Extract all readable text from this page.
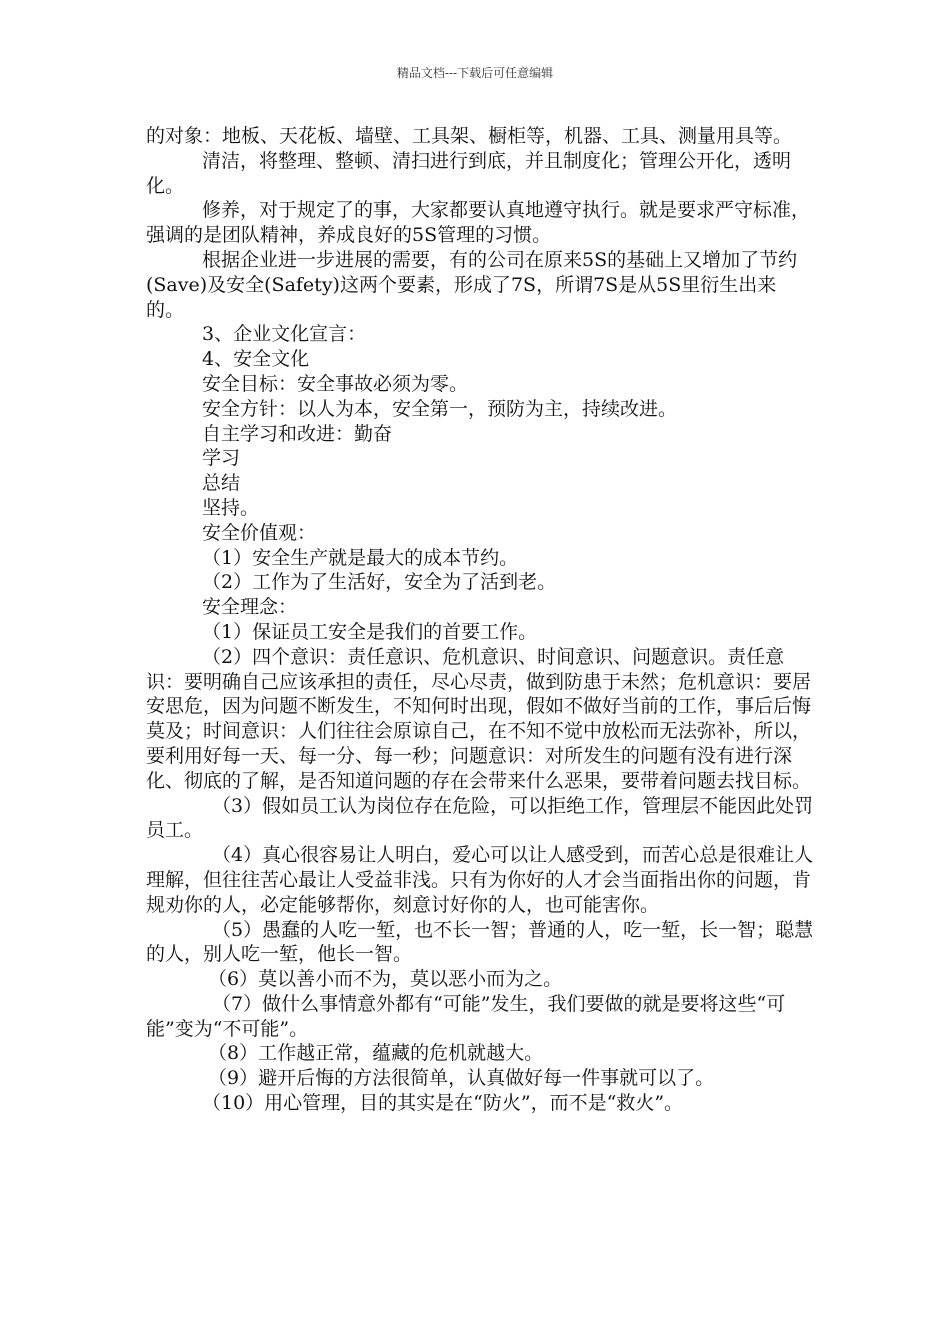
精品文档---下载后可任意编辑

的对象：地板、天花板、墙壁、工具架、橱柜等，机器、工具、测量用具等。

清洁，将整理、整顿、清扫进行到底，并且制度化；管理公开化，透明化。

修养，对于规定了的事，大家都要认真地遵守执行。就是要求严守标准，强调的是团队精神，养成良好的5S管理的习惯。

根据企业进一步进展的需要，有的公司在原来5S的基础上又增加了节约(Save)及安全(Safety)这两个要素，形成了7S，所谓7S是从5S里衍生出来的。

3、企业文化宣言：

4、安全文化

安全目标：安全事故必须为零。

安全方针：以人为本，安全第一，预防为主，持续改进。

自主学习和改进：勤奋

学习

总结

坚持。

安全价值观：

（1）安全生产就是最大的成本节约。

（2）工作为了生活好，安全为了活到老。

安全理念：

（1）保证员工安全是我们的首要工作。

（2）四个意识：责任意识、危机意识、时间意识、问题意识。责任意识：要明确自己应该承担的责任，尽心尽责，做到防患于未然；危机意识：要居安思危，因为问题不断发生，不知何时出现，假如不做好当前的工作，事后后悔莫及；时间意识：人们往往会原谅自己，在不知不觉中放松而无法弥补，所以，要利用好每一天、每一分、每一秒；问题意识：对所发生的问题有没有进行深化、彻底的了解，是否知道问题的存在会带来什么恶果，要带着问题去找目标。

（3）假如员工认为岗位存在危险，可以拒绝工作，管理层不能因此处罚员工。

（4）真心很容易让人明白，爱心可以让人感受到，而苦心总是很难让人理解，但往往苦心最让人受益非浅。只有为你好的人才会当面指出你的问题，肯规劝你的人，必定能够帮你，刻意讨好你的人，也可能害你。

（5）愚蠢的人吃一堑，也不长一智；普通的人，吃一堑，长一智；聪慧的人，别人吃一堑，他长一智。

（6）莫以善小而不为，莫以恶小而为之。

（7）做什么事情意外都有“可能”发生，我们要做的就是要将这些“可能”变为“不可能”。

（8）工作越正常，蕴藏的危机就越大。

（9）避开后悔的方法很简单，认真做好每一件事就可以了。

（10）用心管理，目的其实是在“防火”，而不是“救火”。
